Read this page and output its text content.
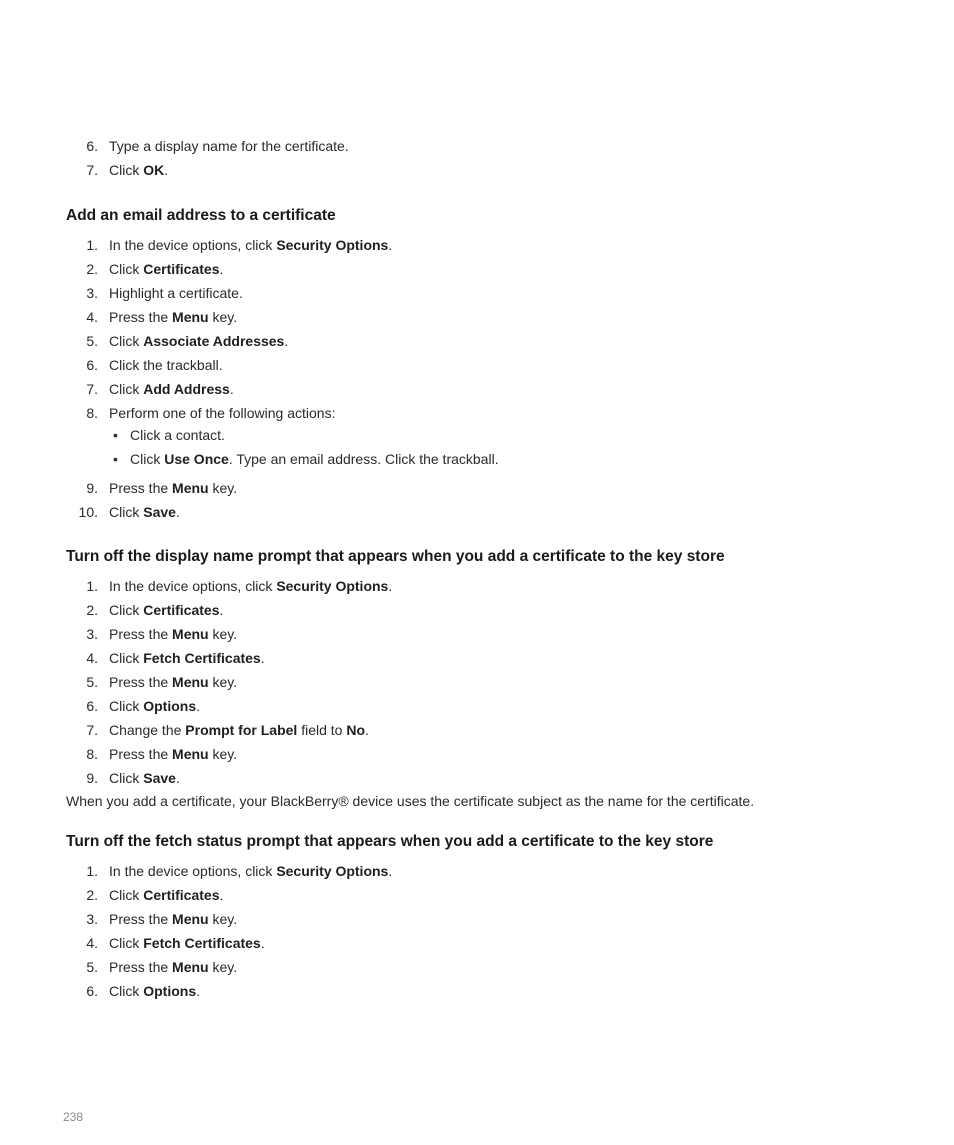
6. Type a display name for the certificate.
7. Click OK.
Add an email address to a certificate
1. In the device options, click Security Options.
2. Click Certificates.
3. Highlight a certificate.
4. Press the Menu key.
5. Click Associate Addresses.
6. Click the trackball.
7. Click Add Address.
8. Perform one of the following actions:
• Click a contact.
• Click Use Once. Type an email address. Click the trackball.
9. Press the Menu key.
10. Click Save.
Turn off the display name prompt that appears when you add a certificate to the key store
1. In the device options, click Security Options.
2. Click Certificates.
3. Press the Menu key.
4. Click Fetch Certificates.
5. Press the Menu key.
6. Click Options.
7. Change the Prompt for Label field to No.
8. Press the Menu key.
9. Click Save.
When you add a certificate, your BlackBerry® device uses the certificate subject as the name for the certificate.
Turn off the fetch status prompt that appears when you add a certificate to the key store
1. In the device options, click Security Options.
2. Click Certificates.
3. Press the Menu key.
4. Click Fetch Certificates.
5. Press the Menu key.
6. Click Options.
238
